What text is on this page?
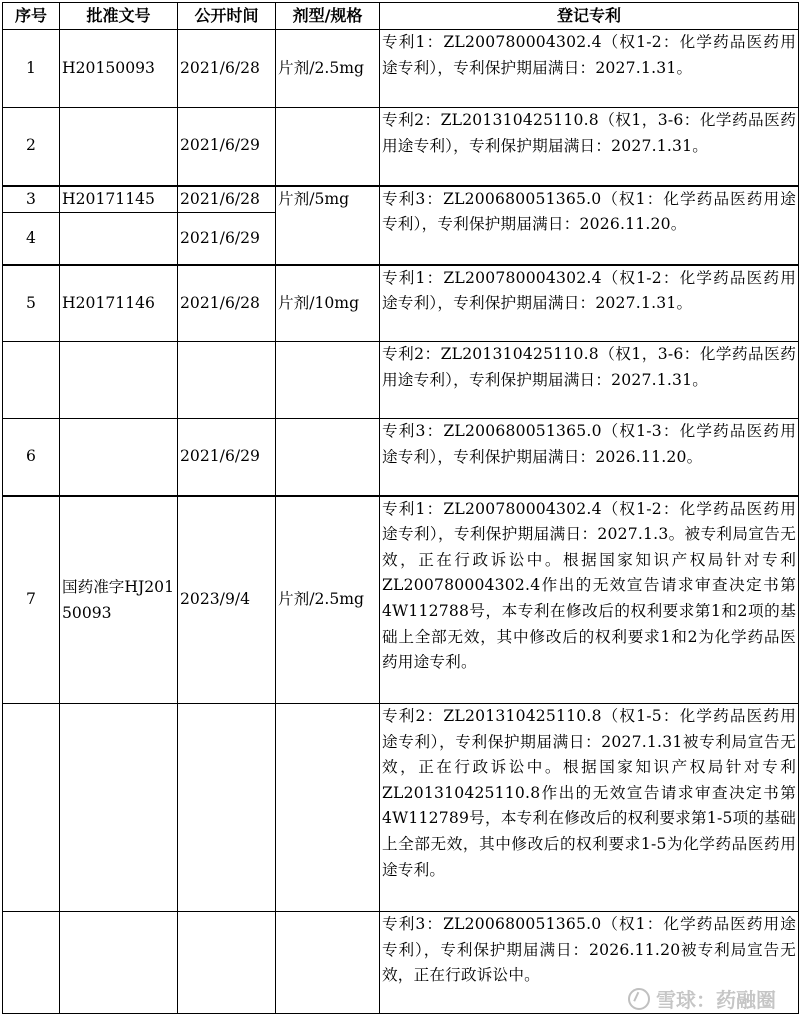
序号	批准文号	公开时间	剂型/规格	登记专利
1	H20150093	2021/6/28	片剂/2.5mg	专利1：ZL200780004302.4（权1-2：化学药品医药用途专利），专利保护期届满日：2027.1.31。
2		2021/6/29		专利2：ZL201310425110.8（权1，3-6：化学药品医药用途专利），专利保护期届满日：2027.1.31。
3	H20171145	2021/6/28	片剂/5mg	专利3：ZL200680051365.0（权1：化学药品医药用途专利），专利保护期届满日：2026.11.20。
4		2021/6/29		
5	H20171146	2021/6/28	片剂/10mg	专利1：ZL200780004302.4（权1-2：化学药品医药用途专利），专利保护期届满日：2027.1.31。
				专利2：ZL201310425110.8（权1，3-6：化学药品医药用途专利），专利保护期届满日：2027.1.31。
6		2021/6/29		专利3：ZL200680051365.0（权1-3：化学药品医药用途专利），专利保护期届满日：2026.11.20。
7	国药准字HJ20150093	2023/9/4	片剂/2.5mg	专利1：ZL200780004302.4（权1-2：化学药品医药用途专利），专利保护期届满日：2027.1.3。被专利局宣告无效，正在行政诉讼中。根据国家知识产权局针对专利ZL200780004302.4作出的无效宣告请求审查决定书第4W112788号，本专利在修改后的权利要求第1和2项的基础上全部无效，其中修改后的权利要求1和2为化学药品医药用途专利。
				专利2：ZL201310425110.8（权1-5：化学药品医药用途专利），专利保护期届满日：2027.1.31被专利局宣告无效，正在行政诉讼中。根据国家知识产权局针对专利ZL201310425110.8作出的无效宣告请求审查决定书第4W112789号，本专利在修改后的权利要求第1-5项的基础上全部无效，其中修改后的权利要求1-5为化学药品医药用途专利。
				专利3：ZL200680051365.0（权1：化学药品医药用途专利），专利保护期届满日：2026.11.20被专利局宣告无效，正在行政诉讼中。
雪球：药融圈
